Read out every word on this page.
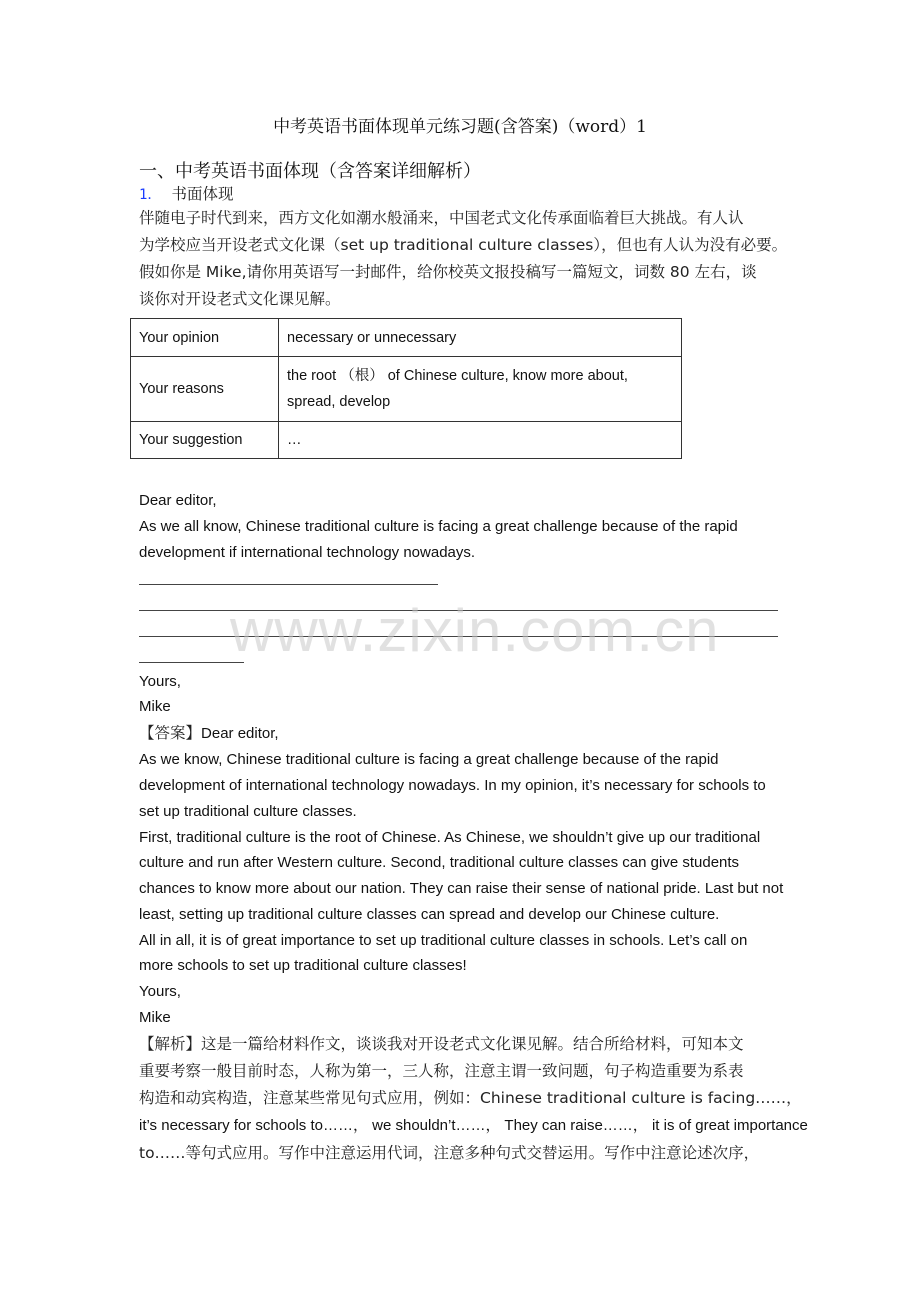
中考英语书面体现单元练习题(含答案)（word）1
一、中考英语书面体现（含答案详细解析）
1． 书面体现
伴随电子时代到来，西方文化如潮水般涌来，中国老式文化传承面临着巨大挑战。有人认
为学校应当开设老式文化课（set up traditional culture classes），但也有人认为没有必要。
假如你是 Mike,请你用英语写一封邮件，给你校英文报投稿写一篇短文，词数 80 左右，谈
谈你对开设老式文化课见解。
Your opinion	necessary or unnecessary
Your reasons	the root （根） of Chinese culture, know more about,
spread, develop

Your suggestion	…
Dear editor,
As we all know, Chinese traditional culture is facing a great challenge because of the rapid
development if international technology nowadays.
Yours,
Mike
【答案】Dear editor,
As we know, Chinese traditional culture is facing a great challenge because of the rapid
development of international technology nowadays. In my opinion, it’s necessary for schools to
set up traditional culture classes.
First, traditional culture is the root of Chinese. As Chinese, we shouldn’t give up our traditional
culture and run after Western culture. Second, traditional culture classes can give students
chances to know more about our nation. They can raise their sense of national pride. Last but not
least, setting up traditional culture classes can spread and develop our Chinese culture.
All in all, it is of great importance to set up traditional culture classes in schools. Let’s call on
more schools to set up traditional culture classes!
Yours,
Mike
【解析】这是一篇给材料作文，谈谈我对开设老式文化课见解。结合所给材料，可知本文
重要考察一般目前时态，人称为第一，三人称，注意主谓一致问题，句子构造重要为系表
构造和动宾构造，注意某些常见句式应用，例如：Chinese traditional culture is facing……，
it’s necessary for schools to……， we shouldn’t……， They can raise……， it is of great importance
to……等句式应用。写作中注意运用代词，注意多种句式交替运用。写作中注意论述次序，
www.zixin.com.cn
